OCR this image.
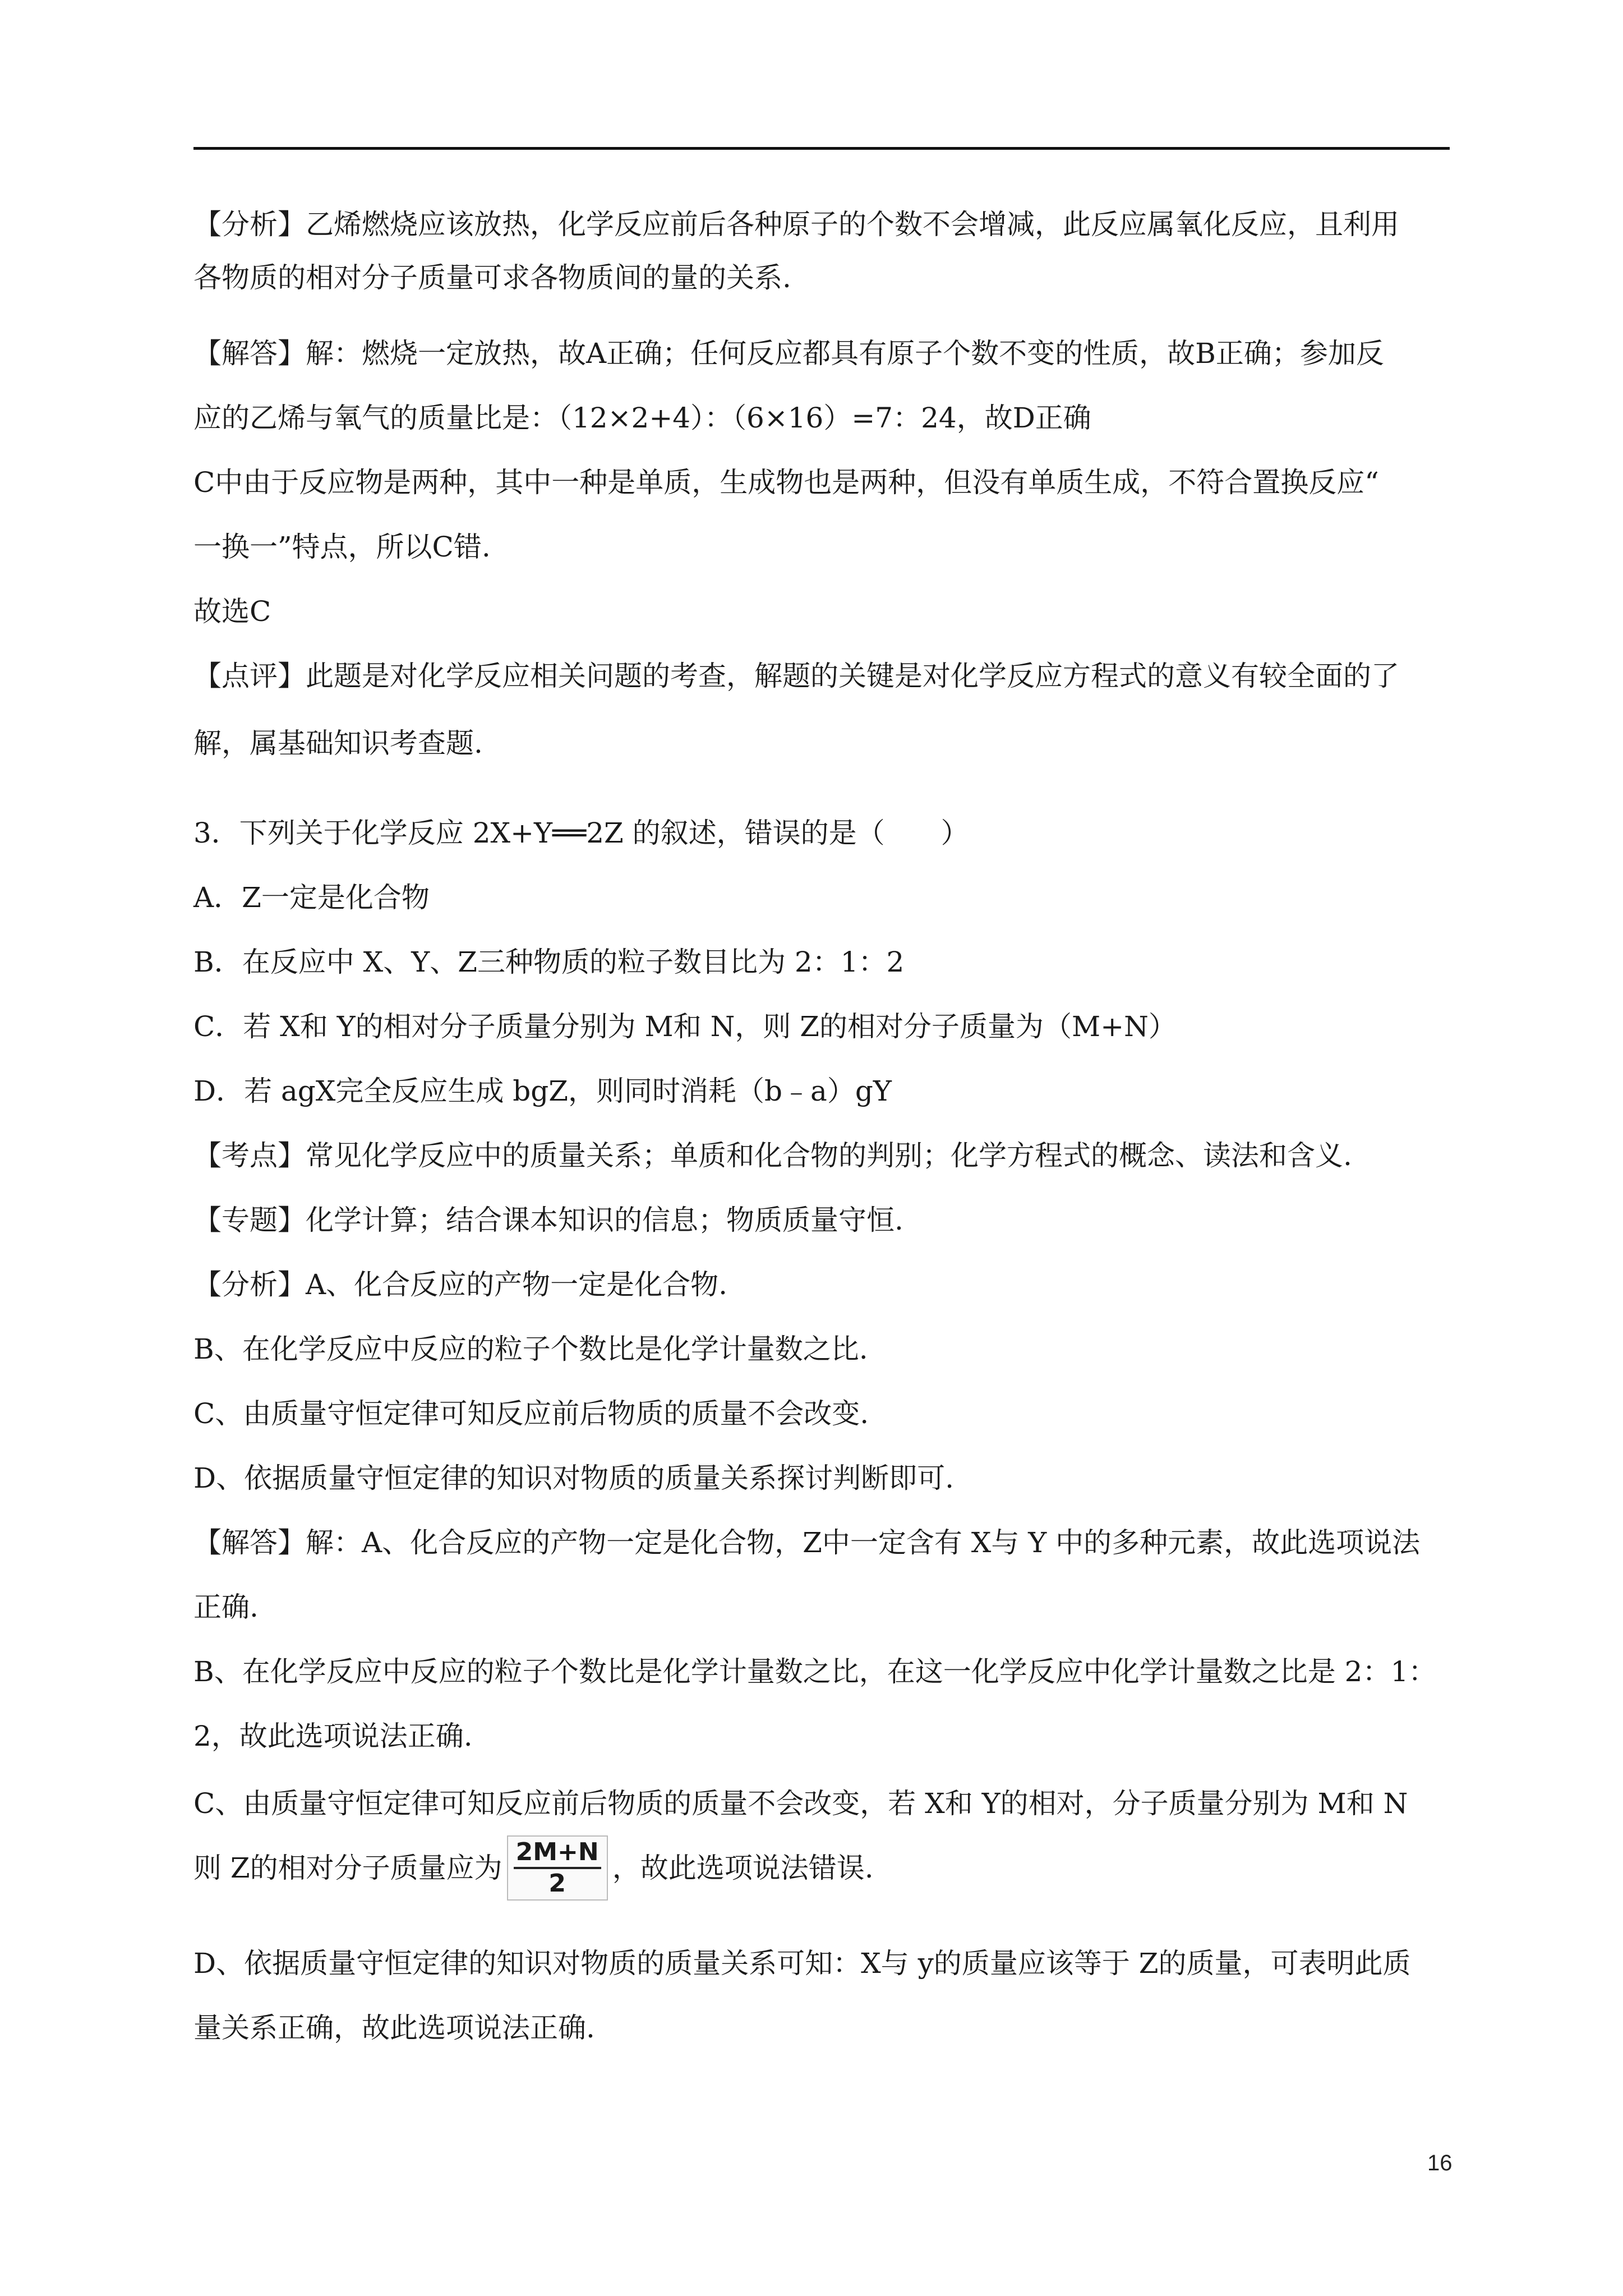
【分析】乙烯燃烧应该放热，化学反应前后各种原子的个数不会增减，此反应属氧化反应，且利用
各物质的相对分子质量可求各物质间的量的关系.
【解答】解：燃烧一定放热，故A正确；任何反应都具有原子个数不变的性质，故B正确；参加反
应的乙烯与氧气的质量比是：（12×2+4）：（6×16）=7：24，故D正确
C中由于反应物是两种，其中一种是单质，生成物也是两种，但没有单质生成，不符合置换反应“
一换一”特点，所以C错.
故选C
【点评】此题是对化学反应相关问题的考查，解题的关键是对化学反应方程式的意义有较全面的了
解，属基础知识考查题.
3．下列关于化学反应 2X+Y══2Z 的叙述，错误的是（　　）
A．Z一定是化合物
B．在反应中 X、Y、Z三种物质的粒子数目比为 2：1：2
C．若 X和 Y的相对分子质量分别为 M和 N，则 Z的相对分子质量为（M+N）
D．若 agX完全反应生成 bgZ，则同时消耗（b﹣a）gY
【考点】常见化学反应中的质量关系；单质和化合物的判别；化学方程式的概念、读法和含义.
【专题】化学计算；结合课本知识的信息；物质质量守恒.
【分析】A、化合反应的产物一定是化合物.
B、在化学反应中反应的粒子个数比是化学计量数之比.
C、由质量守恒定律可知反应前后物质的质量不会改变.
D、依据质量守恒定律的知识对物质的质量关系探讨判断即可.
【解答】解：A、化合反应的产物一定是化合物，Z中一定含有 X与 Y 中的多种元素，故此选项说法
正确.
B、在化学反应中反应的粒子个数比是化学计量数之比，在这一化学反应中化学计量数之比是 2：1：
2，故此选项说法正确.
C、由质量守恒定律可知反应前后物质的质量不会改变，若 X和 Y的相对，分子质量分别为 M和 N
则 Z的相对分子质量应为 $\frac{2M+N}{2}$ ，故此选项说法错误.
D、依据质量守恒定律的知识对物质的质量关系可知：X与 y的质量应该等于 Z的质量，可表明此质
量关系正确，故此选项说法正确.
16
